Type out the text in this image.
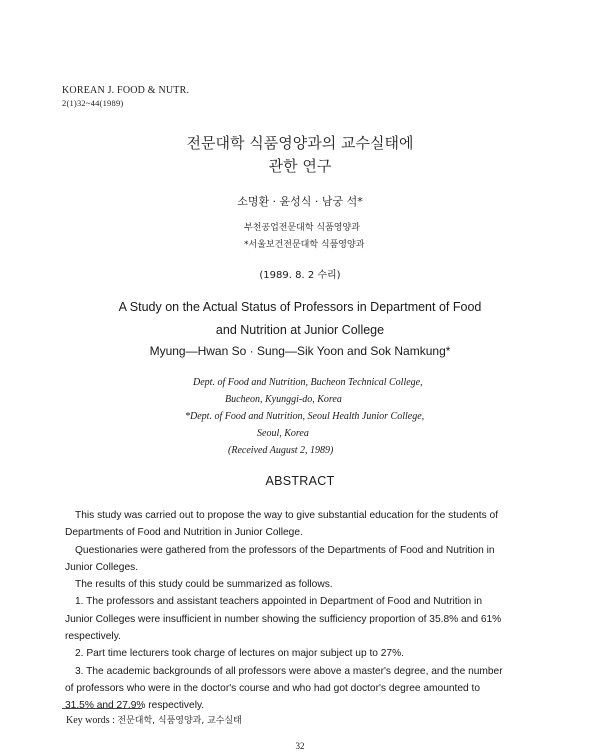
KOREAN J. FOOD & NUTR.
2(1)32~44(1989)
전문대학 식품영양과의 교수실태에
관한 연구
소명환 · 윤성식 · 남궁 석*
부천공업전문대학 식품영양과
*서울보건전문대학 식품영양과
(1989. 8. 2 수리)
A Study on the Actual Status of Professors in Department of Food
and Nutrition at Junior College
Myung—Hwan So · Sung—Sik Yoon and Sok Namkung*
Dept. of Food and Nutrition, Bucheon Technical College,
Bucheon, Kyunggi-do, Korea
*Dept. of Food and Nutrition, Seoul Health Junior College,
Seoul, Korea
(Received August 2, 1989)
ABSTRACT

This study was carried out to propose the way to give substantial education for the students of Departments of Food and Nutrition in Junior College.

Questionaries were gathered from the professors of the Departments of Food and Nutrition in Junior Colleges.

The results of this study could be summarized as follows.

1. The professors and assistant teachers appointed in Department of Food and Nutrition in Junior Colleges were insufficient in number showing the sufficiency proportion of 35.8% and 61% respectively.

2. Part time lecturers took charge of lectures on major subject up to 27%.

3. The academic backgrounds of all professors were above a master's degree, and the number of professors who were in the doctor's course and who had got doctor's degree amounted to 31.5% and 27.9% respectively.

Key words : 전문대학, 식품영양과, 교수실태
32
